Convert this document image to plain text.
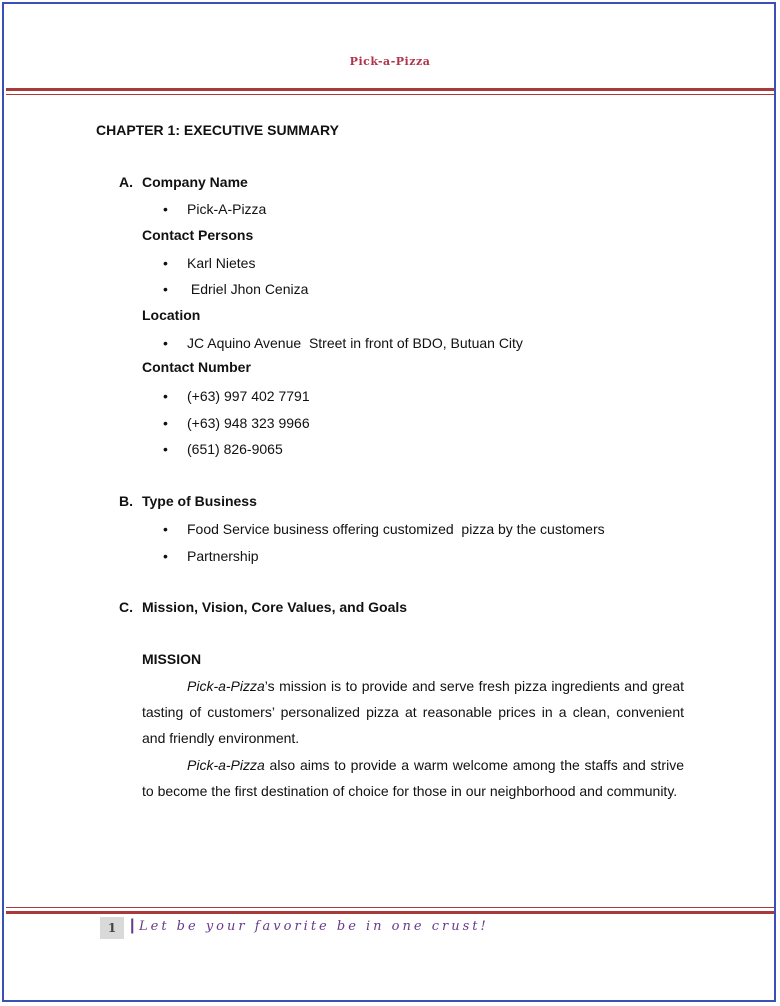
Pick-a-Pizza
CHAPTER 1: EXECUTIVE SUMMARY
A. Company Name
• Pick-A-Pizza
Contact Persons
• Karl Nietes
• Edriel Jhon Ceniza
Location
• JC Aquino Avenue  Street in front of BDO, Butuan City
Contact Number
• (+63) 997 402 7791
• (+63) 948 323 9966
• (651) 826-9065
B. Type of Business
• Food Service business offering customized  pizza by the customers
• Partnership
C. Mission, Vision, Core Values, and Goals
MISSION
Pick-a-Pizza’s mission is to provide and serve fresh pizza ingredients and great tasting of customers’ personalized pizza at reasonable prices in a clean, convenient and friendly environment.
Pick-a-Pizza also aims to provide a warm welcome among the staffs and strive to become the first destination of choice for those in our neighborhood and community.
1 | Let be your favorite be in one crust!
